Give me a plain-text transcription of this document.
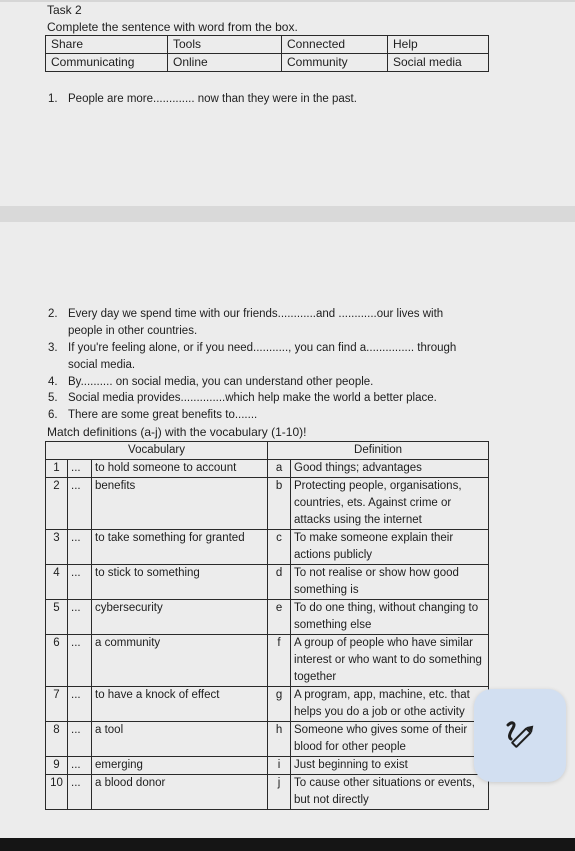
Task 2
Complete the sentence with word from the box.
Share	Tools	Connected	Help
Communicating	Online	Community	Social media
1. People are more............. now than they were in the past.
2. Every day we spend time with our friends............and ............our lives with
people in other countries.
3. If you're feeling alone, or if you need..........., you can find a............... through
social media.
4. By.......... on social media, you can understand other people.
5. Social media provides..............which help make the world a better place.
6. There are some great benefits to.......
Match definitions (a-j) with the vocabulary (1-10)!
Vocabulary			Definition	
1	...	to hold someone to account	a	Good things; advantages
2	...	benefits	b	Protecting people, organisations, countries, ets. Against crime or attacks using the internet
3	...	to take something for granted	c	To make someone explain their actions publicly
4	...	to stick to something	d	To not realise or show how good something is
5	...	cybersecurity	e	To do one thing, without changing to something else
6	...	a community	f	A group of people who have similar interest or who want to do something together
7	...	to have a knock of effect	g	A program, app, machine, etc. that helps you do a job or othe activity
8	...	a tool	h	Someone who gives some of their blood for other people
9	...	emerging	i	Just beginning to exist
10	...	a blood donor	j	To cause other situations or events, but not directly
